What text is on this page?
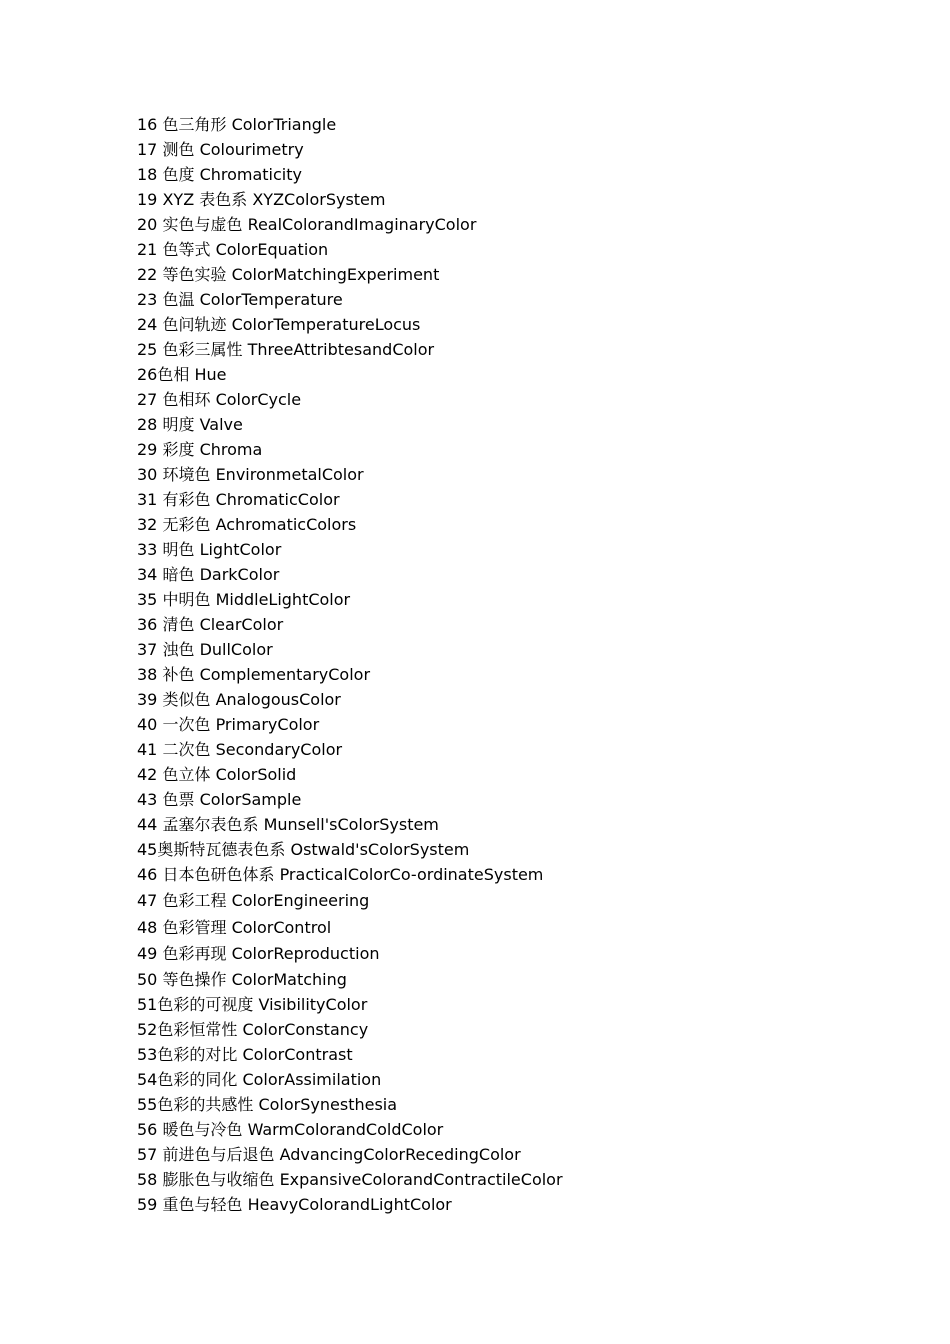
16 色三角形 ColorTriangle
17 测色 Colourimetry
18 色度 Chromaticity
19 XYZ 表色系 XYZColorSystem
20 实色与虚色 RealColorandImaginaryColor
21 色等式 ColorEquation
22 等色实验 ColorMatchingExperiment
23 色温 ColorTemperature
24 色问轨迹 ColorTemperatureLocus
25 色彩三属性 ThreeAttribtesandColor
26色相 Hue
27 色相环 ColorCycle
28 明度 Valve
29 彩度 Chroma
30 环境色 EnvironmetalColor
31 有彩色 ChromaticColor
32 无彩色 AchromaticColors
33 明色 LightColor
34 暗色 DarkColor
35 中明色 MiddleLightColor
36 清色 ClearColor
37 浊色 DullColor
38 补色 ComplementaryColor
39 类似色 AnalogousColor
40 一次色 PrimaryColor
41 二次色 SecondaryColor
42 色立体 ColorSolid
43 色票 ColorSample
44 孟塞尔表色系 Munsell'sColorSystem
45奥斯特瓦德表色系 Ostwald'sColorSystem
46 日本色研色体系 PracticalColorCo-ordinateSystem
47 色彩工程 ColorEngineering
48 色彩管理 ColorControl
49 色彩再现 ColorReproduction
50 等色操作 ColorMatching
51色彩的可视度 VisibilityColor
52色彩恒常性 ColorConstancy
53色彩的对比 ColorContrast
54色彩的同化 ColorAssimilation
55色彩的共感性 ColorSynesthesia
56 暖色与冷色 WarmColorandColdColor
57 前进色与后退色 AdvancingColorRecedingColor
58 膨胀色与收缩色 ExpansiveColorandContractileColor
59 重色与轻色 HeavyColorandLightColor
